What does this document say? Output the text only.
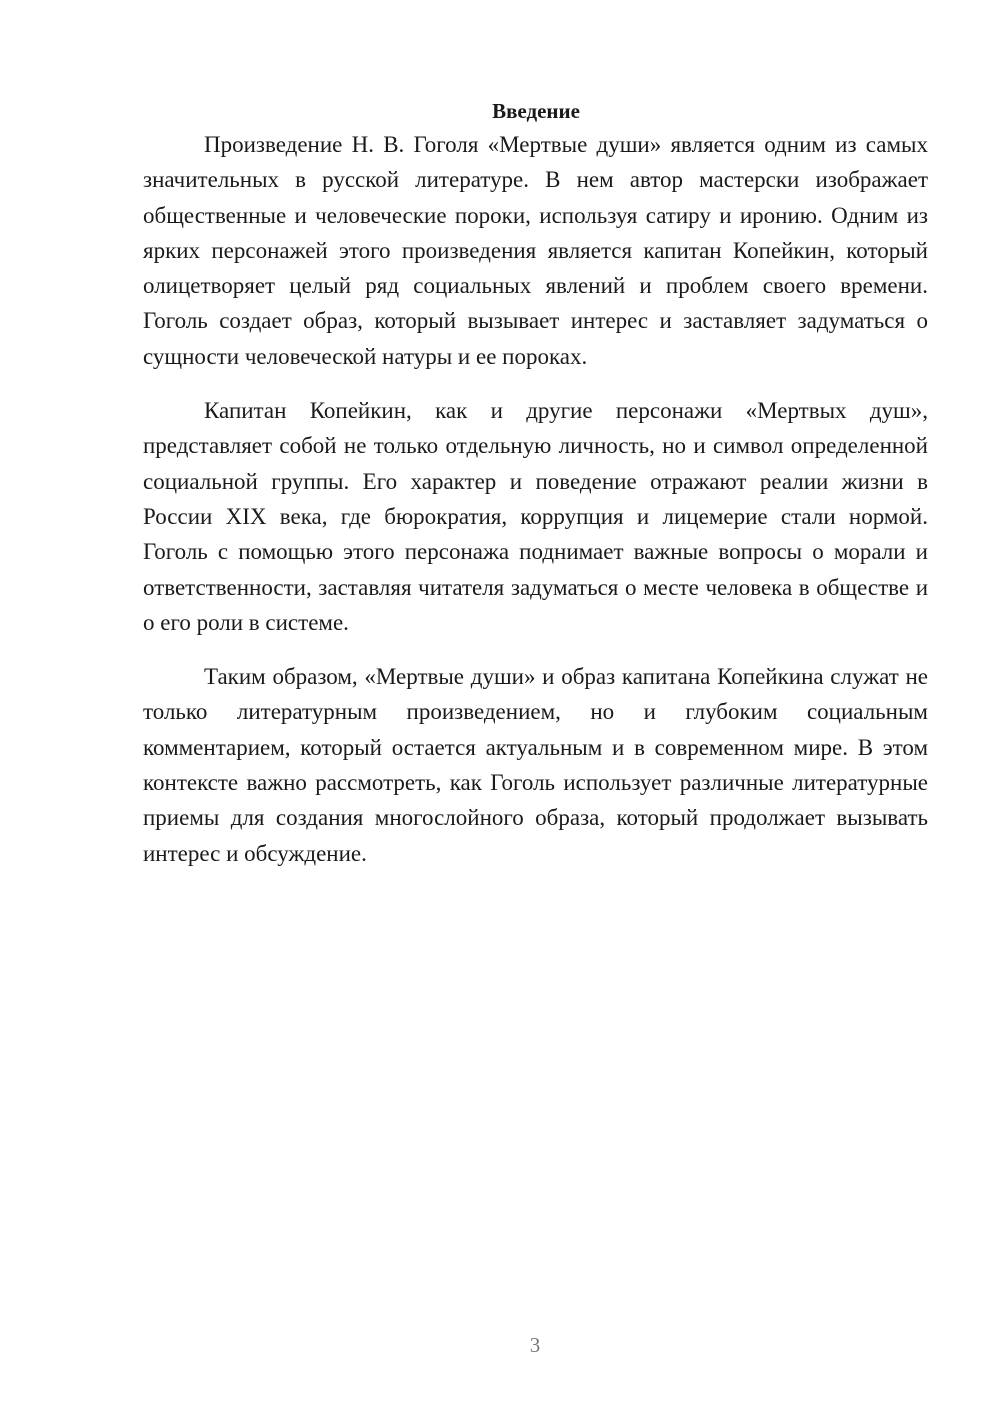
Введение

Произведение Н. В. Гоголя «Мертвые души» является одним из самых значительных в русской литературе. В нем автор мастерски изображает общественные и человеческие пороки, используя сатиру и иронию. Одним из ярких персонажей этого произведения является капитан Копейкин, который олицетворяет целый ряд социальных явлений и проблем своего времени. Гоголь создает образ, который вызывает интерес и заставляет задуматься о сущности человеческой натуры и ее пороках.

Капитан Копейкин, как и другие персонажи «Мертвых душ», представляет собой не только отдельную личность, но и символ определенной социальной группы. Его характер и поведение отражают реалии жизни в России XIX века, где бюрократия, коррупция и лицемерие стали нормой. Гоголь с помощью этого персонажа поднимает важные вопросы о морали и ответственности, заставляя читателя задуматься о месте человека в обществе и о его роли в системе.

Таким образом, «Мертвые души» и образ капитана Копейкина служат не только литературным произведением, но и глубоким социальным комментарием, который остается актуальным и в современном мире. В этом контексте важно рассмотреть, как Гоголь использует различные литературные приемы для создания многослойного образа, который продолжает вызывать интерес и обсуждение.

3
